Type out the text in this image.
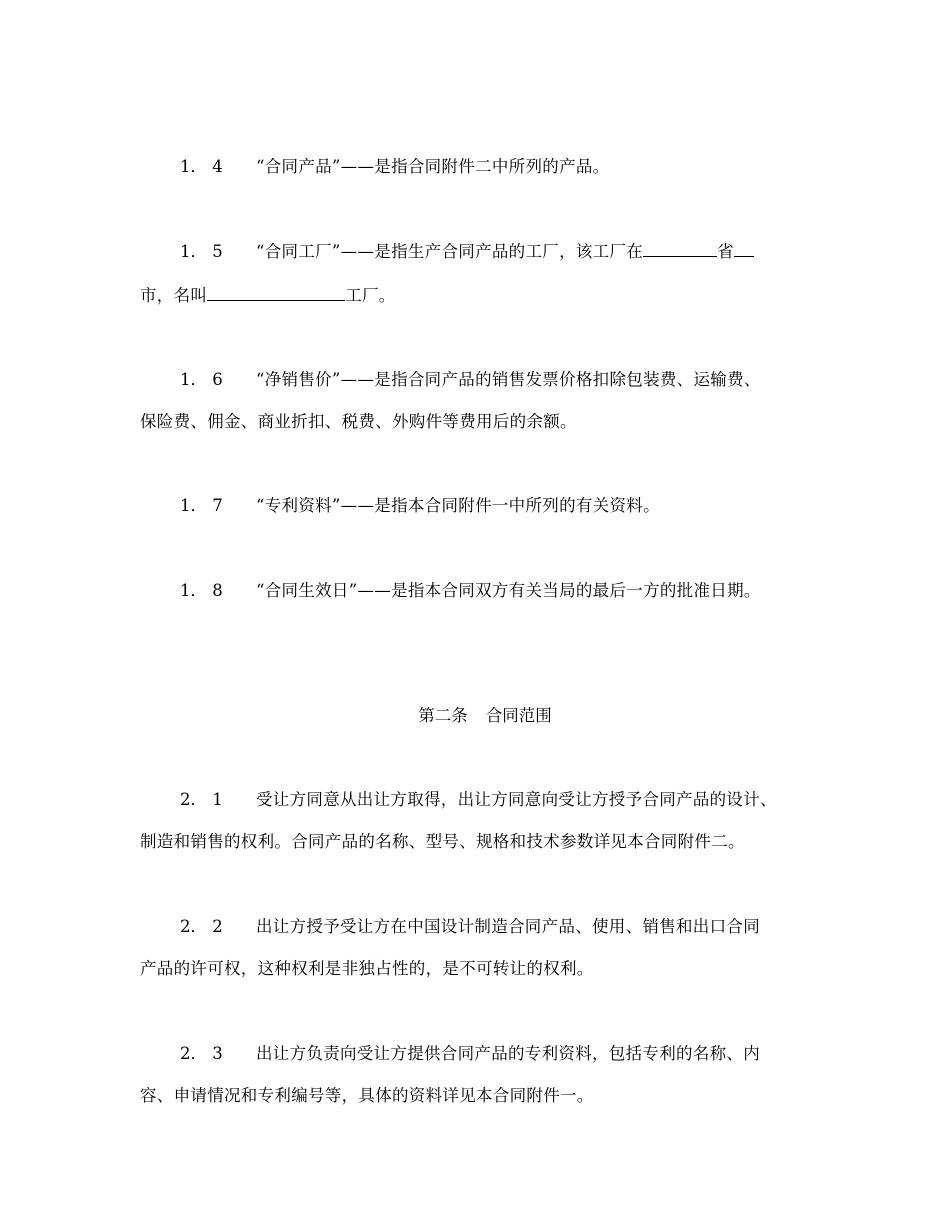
1． 4 “合同产品”——是指合同附件二中所列的产品。
1． 5 “合同工厂”——是指生产合同产品的工厂，该工厂在	省
市，名叫	工厂。
1． 6 “净销售价”——是指合同产品的销售发票价格扣除包装费、运输费、
保险费、佣金、商业折扣、税费、外购件等费用后的余额。
1． 7 “专利资料”——是指本合同附件一中所列的有关资料。
1． 8 “合同生效日”——是指本合同双方有关当局的最后一方的批准日期。
第二条 合同范围
2． 1 受让方同意从出让方取得，出让方同意向受让方授予合同产品的设计、
制造和销售的权利。合同产品的名称、型号、规格和技术参数详见本合同附件二。
2． 2 出让方授予受让方在中国设计制造合同产品、使用、销售和出口合同
产品的许可权，这种权利是非独占性的，是不可转让的权利。
2． 3 出让方负责向受让方提供合同产品的专利资料，包括专利的名称、内
容、申请情况和专利编号等，具体的资料详见本合同附件一。
